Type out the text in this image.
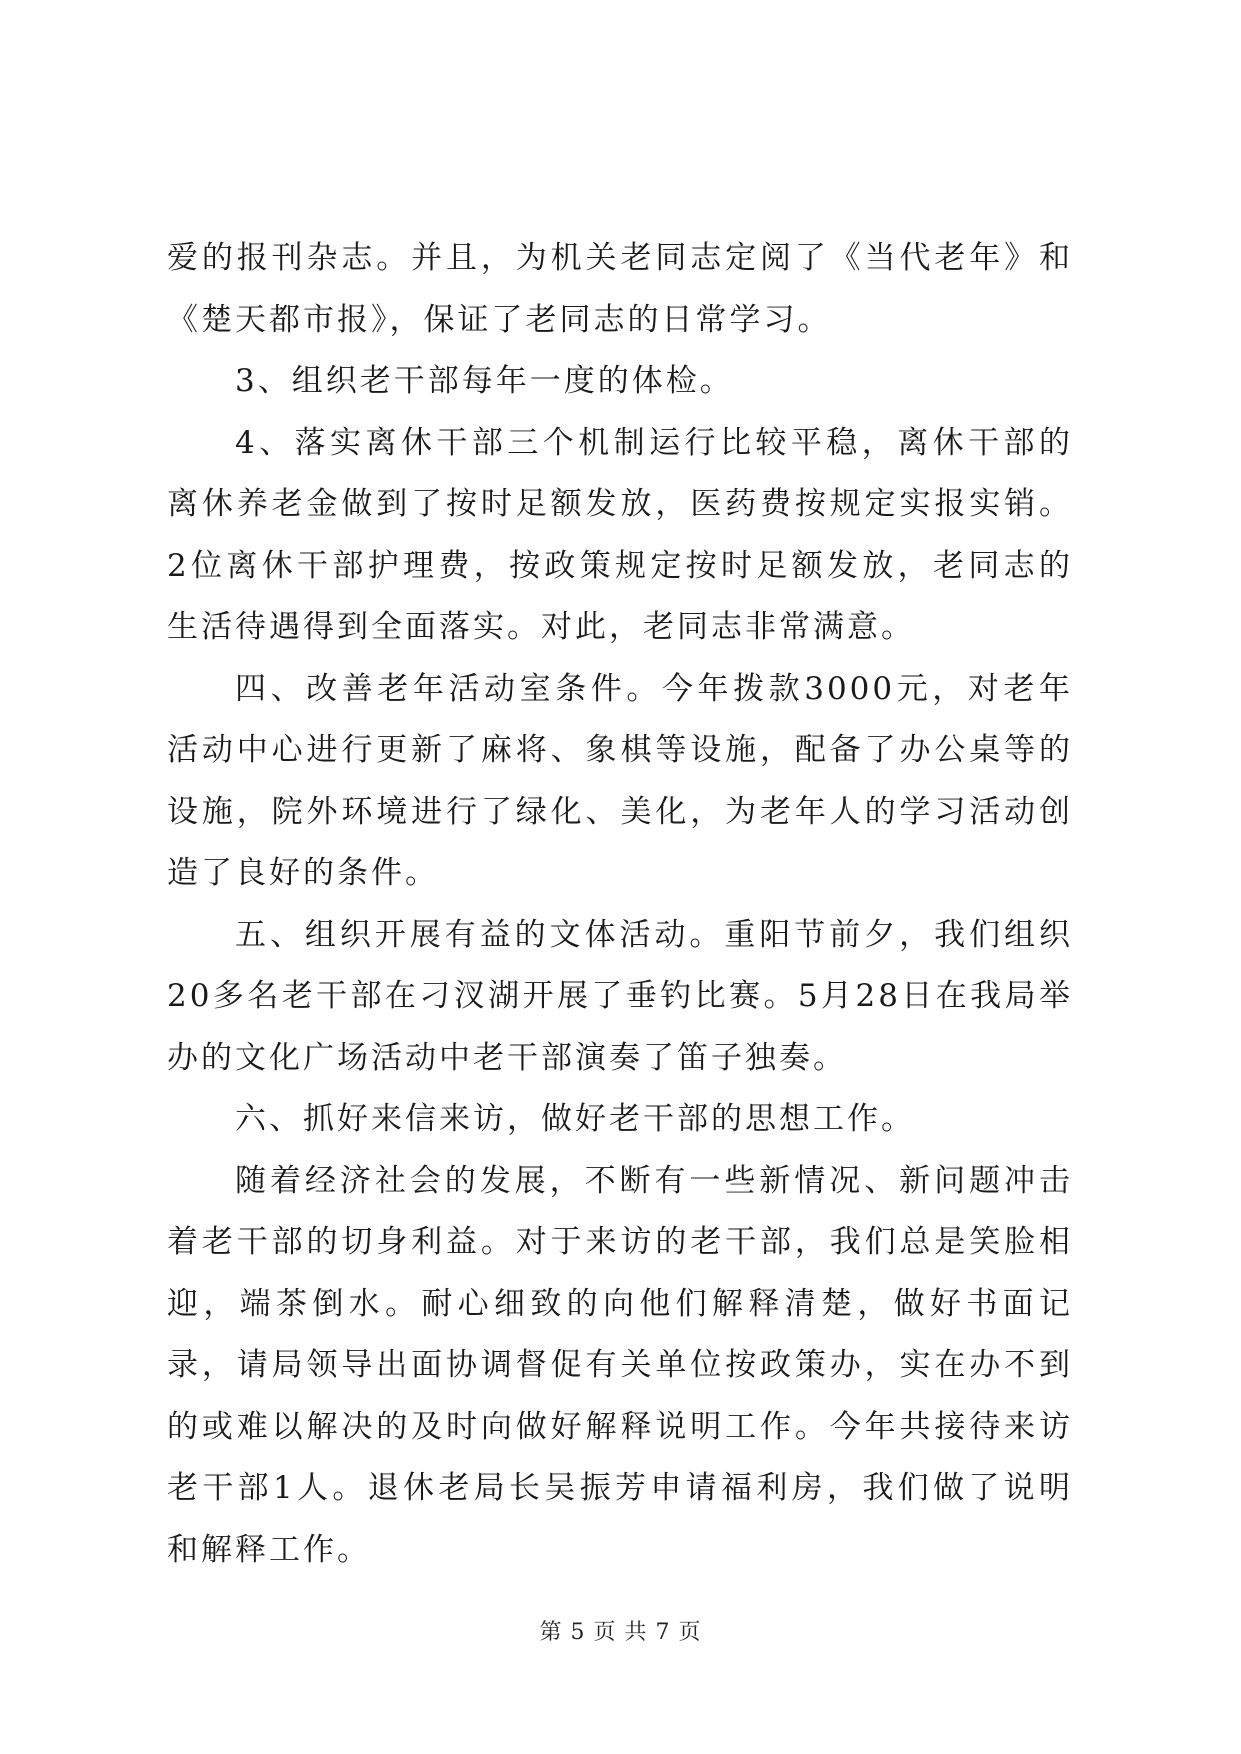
爱的报刊杂志。并且，为机关老同志定阅了《当代老年》和《楚天都市报》，保证了老同志的日常学习。

3、组织老干部每年一度的体检。

4、落实离休干部三个机制运行比较平稳，离休干部的离休养老金做到了按时足额发放，医药费按规定实报实销。2位离休干部护理费，按政策规定按时足额发放，老同志的生活待遇得到全面落实。对此，老同志非常满意。

四、改善老年活动室条件。今年拨款3000元，对老年活动中心进行更新了麻将、象棋等设施，配备了办公桌等的设施，院外环境进行了绿化、美化，为老年人的学习活动创造了良好的条件。

五、组织开展有益的文体活动。重阳节前夕，我们组织20多名老干部在刁汊湖开展了垂钓比赛。5月28日在我局举办的文化广场活动中老干部演奏了笛子独奏。

六、抓好来信来访，做好老干部的思想工作。

随着经济社会的发展，不断有一些新情况、新问题冲击着老干部的切身利益。对于来访的老干部，我们总是笑脸相迎，端茶倒水。耐心细致的向他们解释清楚，做好书面记录，请局领导出面协调督促有关单位按政策办，实在办不到的或难以解决的及时向做好解释说明工作。今年共接待来访老干部1人。退休老局长吴振芳申请福利房，我们做了说明和解释工作。

第 5 页 共 7 页
